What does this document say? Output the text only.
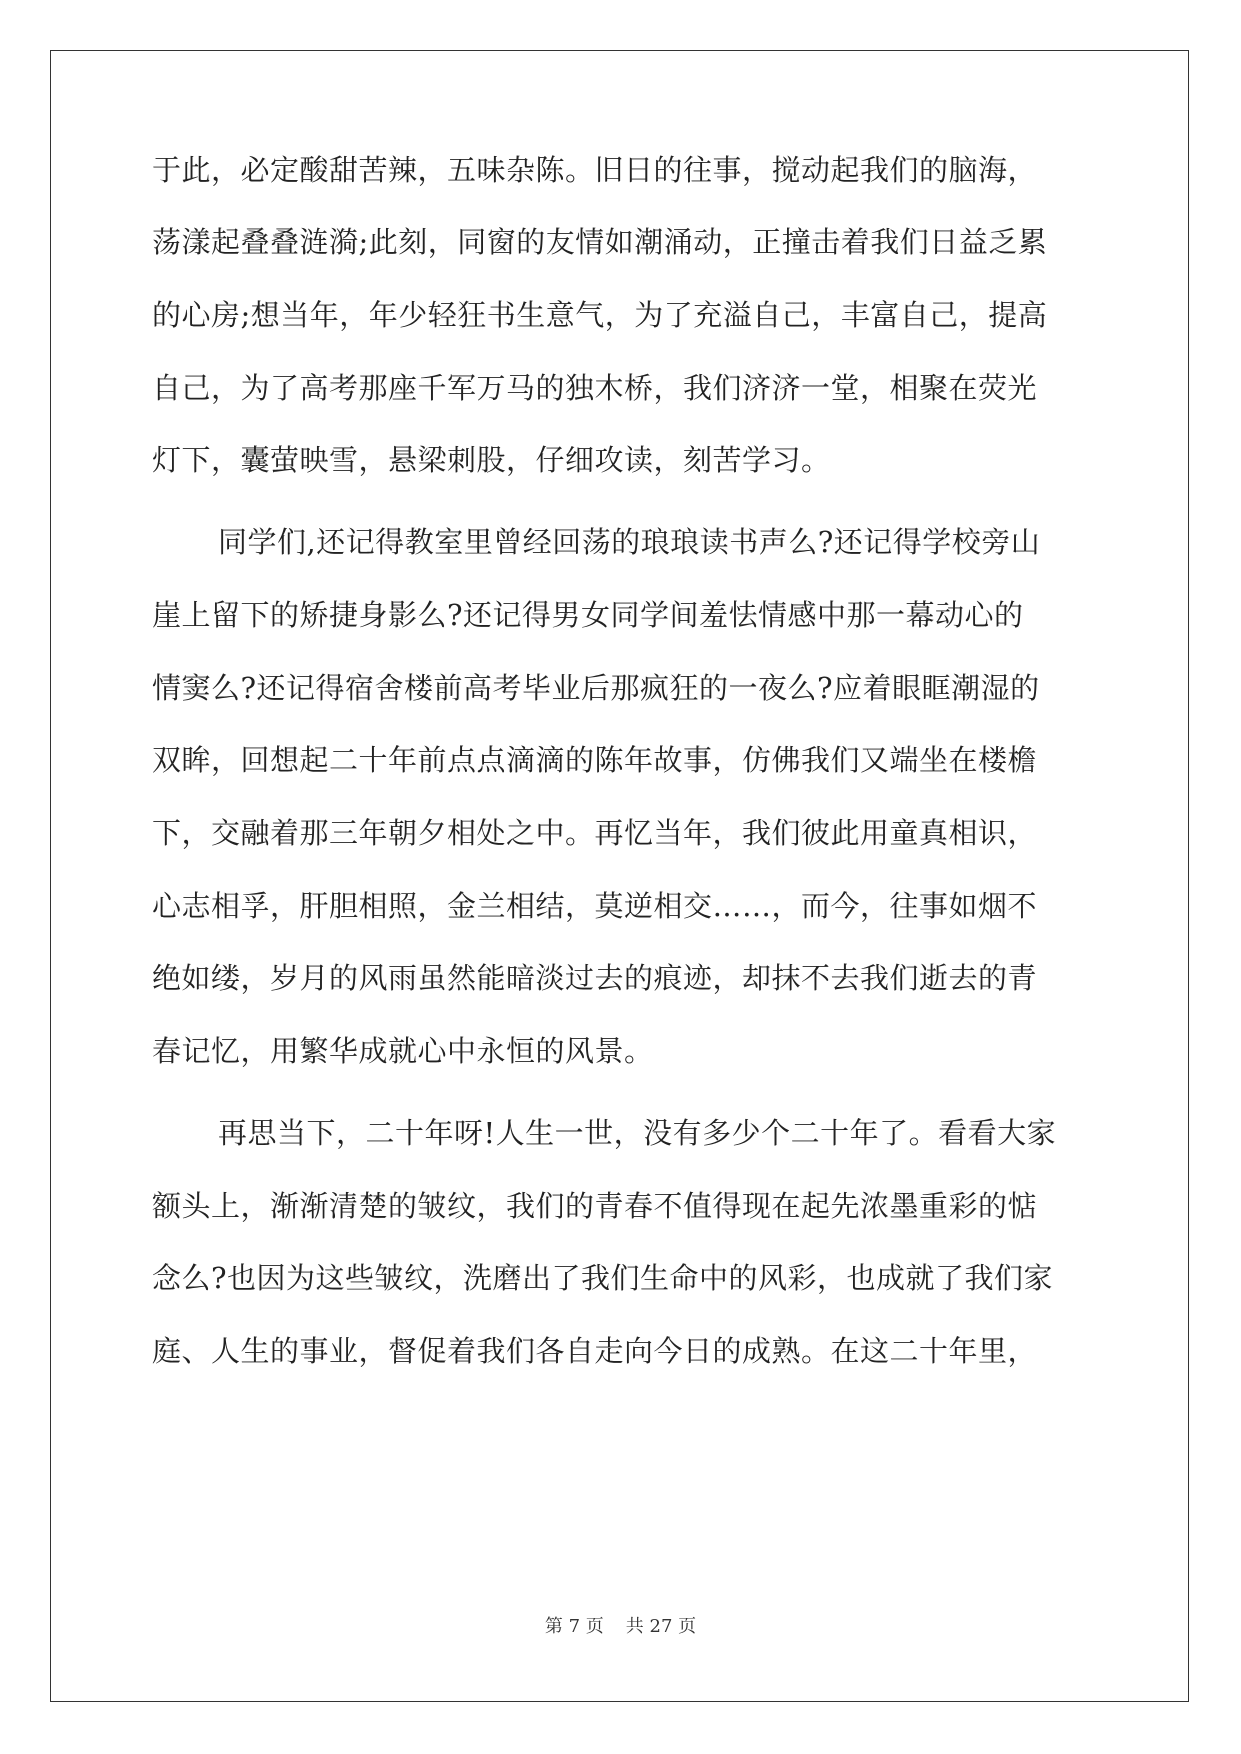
于此，必定酸甜苦辣，五味杂陈。旧日的往事，搅动起我们的脑海，
荡漾起叠叠涟漪;此刻，同窗的友情如潮涌动，正撞击着我们日益乏累
的心房;想当年，年少轻狂书生意气，为了充溢自己，丰富自己，提高
自己，为了高考那座千军万马的独木桥，我们济济一堂，相聚在荧光
灯下，囊萤映雪，悬梁刺股，仔细攻读，刻苦学习。
同学们,还记得教室里曾经回荡的琅琅读书声么?还记得学校旁山
崖上留下的矫捷身影么?还记得男女同学间羞怯情感中那一幕动心的
情窦么?还记得宿舍楼前高考毕业后那疯狂的一夜么?应着眼眶潮湿的
双眸，回想起二十年前点点滴滴的陈年故事，仿佛我们又端坐在楼檐
下，交融着那三年朝夕相处之中。再忆当年，我们彼此用童真相识，
心志相孚，肝胆相照，金兰相结，莫逆相交……，而今，往事如烟不
绝如缕，岁月的风雨虽然能暗淡过去的痕迹，却抹不去我们逝去的青
春记忆，用繁华成就心中永恒的风景。
再思当下，二十年呀!人生一世，没有多少个二十年了。看看大家
额头上，渐渐清楚的皱纹，我们的青春不值得现在起先浓墨重彩的惦
念么?也因为这些皱纹，洗磨出了我们生命中的风彩，也成就了我们家
庭、人生的事业，督促着我们各自走向今日的成熟。在这二十年里，
第 7 页 共 27 页
